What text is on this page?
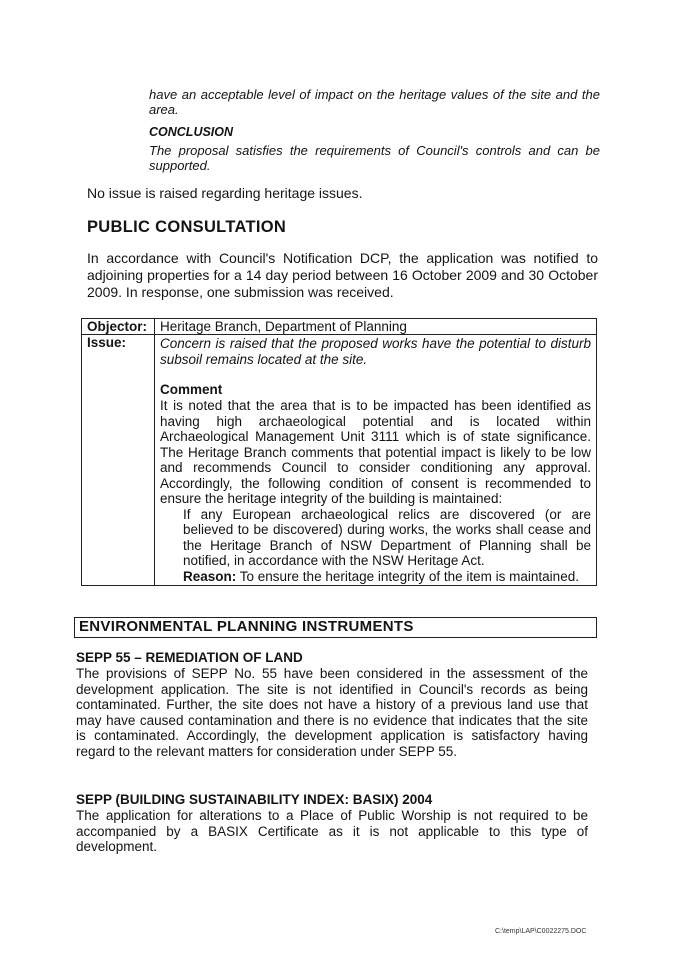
have an acceptable level of impact on the heritage values of the site and the area.
CONCLUSION
The proposal satisfies the requirements of Council's controls and can be supported.
No issue is raised regarding heritage issues.
PUBLIC CONSULTATION
In accordance with Council's Notification DCP, the application was notified to adjoining properties for a 14 day period between 16 October 2009 and 30 October 2009. In response, one submission was received.
Objector:	Heritage Branch, Department of Planning
Issue:	Concern is raised that the proposed works have the potential to disturb subsoil remains located at the site.

Comment

It is noted that the area that is to be impacted has been identified as having high archaeological potential and is located within Archaeological Management Unit 3111 which is of state significance. The Heritage Branch comments that potential impact is likely to be low and recommends Council to consider conditioning any approval. Accordingly, the following condition of consent is recommended to ensure the heritage integrity of the building is maintained:

If any European archaeological relics are discovered (or are believed to be discovered) during works, the works shall cease and the Heritage Branch of NSW Department of Planning shall be notified, in accordance with the NSW Heritage Act.

Reason: To ensure the heritage integrity of the item is maintained.

ENVIRONMENTAL PLANNING INSTRUMENTS
SEPP 55 – REMEDIATION OF LAND
The provisions of SEPP No. 55 have been considered in the assessment of the development application. The site is not identified in Council's records as being contaminated. Further, the site does not have a history of a previous land use that may have caused contamination and there is no evidence that indicates that the site is contaminated. Accordingly, the development application is satisfactory having regard to the relevant matters for consideration under SEPP 55.
SEPP (BUILDING SUSTAINABILITY INDEX: BASIX) 2004
The application for alterations to a Place of Public Worship is not required to be accompanied by a BASIX Certificate as it is not applicable to this type of development.
C:\temp\LAP\C0022275.DOC
